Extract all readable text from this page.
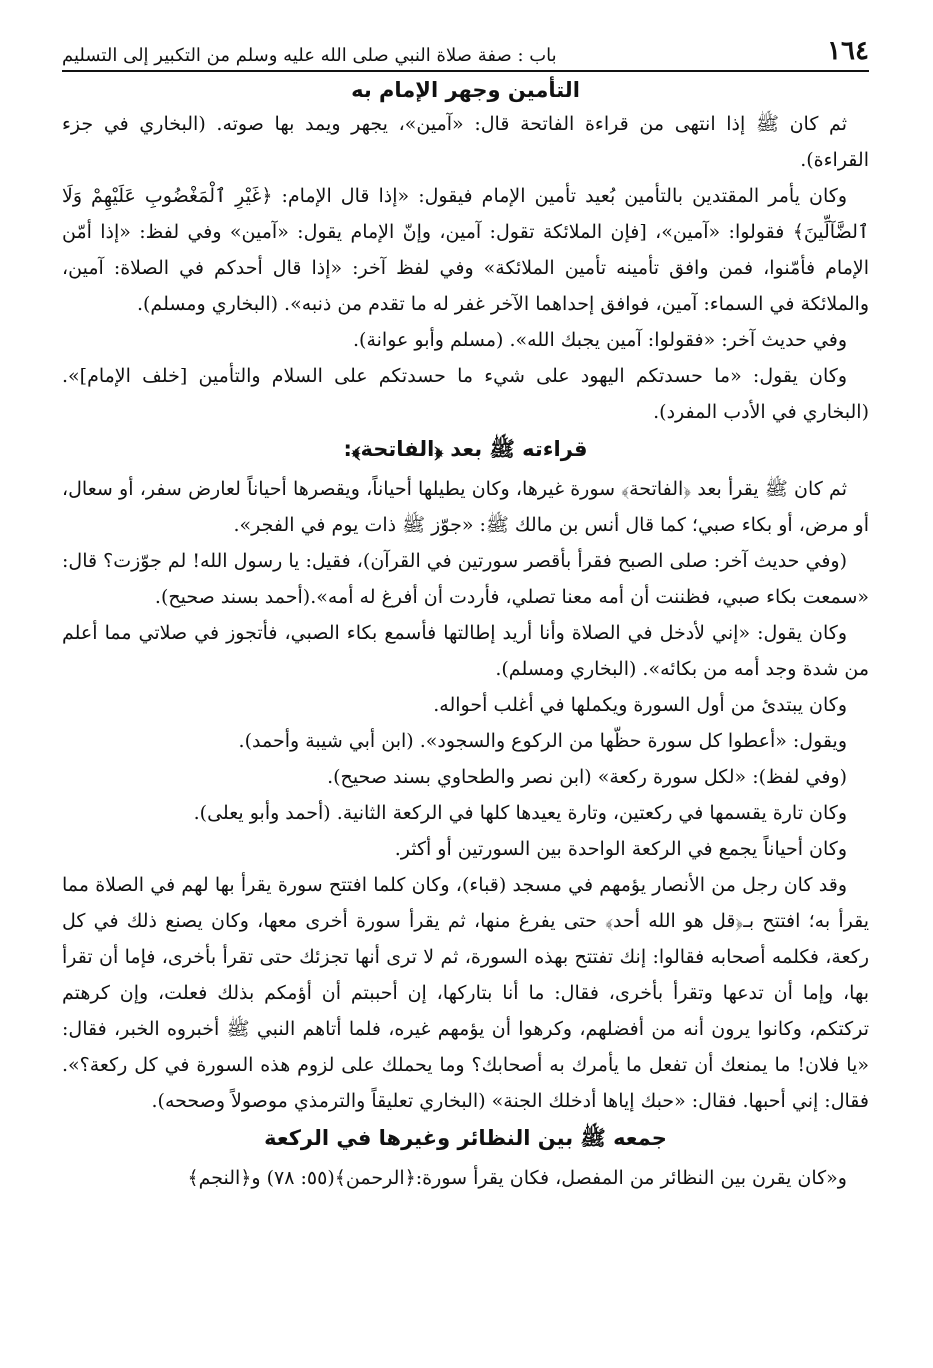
١٦٤
باب : صفة صلاة النبي صلى الله عليه وسلم من التكبير إلى التسليم
التأمين وجهر الإمام به

ثم كان ﷺ إذا انتهى من قراءة الفاتحة قال: «آمين»، يجهر ويمد بها صوته. (البخاري في جزء القراءة).

وكان يأمر المقتدين بالتأمين بُعيد تأمين الإمام فيقول: «إذا قال الإمام: ﴿غَيْرِ ٱلْمَغْضُوبِ عَلَيْهِمْ وَلَا ٱلضَّآلِّينَ﴾ فقولوا: «آمين»، [فإن الملائكة تقول: آمين، وإنّ الإمام يقول: «آمين» وفي لفظ: «إذا أمّن الإمام فأمّنوا، فمن وافق تأمينه تأمين الملائكة» وفي لفظ آخر: «إذا قال أحدكم في الصلاة: آمين، والملائكة في السماء: آمين، فوافق إحداهما الآخر غفر له ما تقدم من ذنبه». (البخاري ومسلم).

وفي حديث آخر: «فقولوا: آمين يجبك الله». (مسلم وأبو عوانة).

وكان يقول: «ما حسدتكم اليهود على شيء ما حسدتكم على السلام والتأمين [خلف الإمام]». (البخاري في الأدب المفرد).

قراءته ﷺ بعد ﴿الفاتحة﴾:

ثم كان ﷺ يقرأ بعد ﴿الفاتحة﴾ سورة غيرها، وكان يطيلها أحياناً، ويقصرها أحياناً لعارض سفر، أو سعال، أو مرض، أو بكاء صبي؛ كما قال أنس بن مالك ﷺ: «جوّز ﷺ ذات يوم في الفجر».

(وفي حديث آخر: صلى الصبح فقرأ بأقصر سورتين في القرآن)، فقيل: يا رسول الله! لم جوّزت؟ قال: «سمعت بكاء صبي، فظننت أن أمه معنا تصلي، فأردت أن أفرغ له أمه».(أحمد بسند صحيح).

وكان يقول: «إني لأدخل في الصلاة وأنا أريد إطالتها فأسمع بكاء الصبي، فأتجوز في صلاتي مما أعلم من شدة وجد أمه من بكائه». (البخاري ومسلم).

وكان يبتدئ من أول السورة ويكملها في أغلب أحواله.

ويقول: «أعطوا كل سورة حظّها من الركوع والسجود». (ابن أبي شيبة وأحمد).

(وفي لفظ): «لكل سورة ركعة» (ابن نصر والطحاوي بسند صحيح).

وكان تارة يقسمها في ركعتين، وتارة يعيدها كلها في الركعة الثانية. (أحمد وأبو يعلى).

وكان أحياناً يجمع في الركعة الواحدة بين السورتين أو أكثر.

وقد كان رجل من الأنصار يؤمهم في مسجد (قباء)، وكان كلما افتتح سورة يقرأ بها لهم في الصلاة مما يقرأ به؛ افتتح بـ﴿قل هو الله أحد﴾ حتى يفرغ منها، ثم يقرأ سورة أخرى معها، وكان يصنع ذلك في كل ركعة، فكلمه أصحابه فقالوا: إنك تفتتح بهذه السورة، ثم لا ترى أنها تجزئك حتى تقرأ بأخرى، فإما أن تقرأ بها، وإما أن تدعها وتقرأ بأخرى، فقال: ما أنا بتاركها، إن أحببتم أن أؤمكم بذلك فعلت، وإن كرهتم تركتكم، وكانوا يرون أنه من أفضلهم، وكرهوا أن يؤمهم غيره، فلما أتاهم النبي ﷺ أخبروه الخبر، فقال: «يا فلان! ما يمنعك أن تفعل ما يأمرك به أصحابك؟ وما يحملك على لزوم هذه السورة في كل ركعة؟». فقال: إني أحبها. فقال: «حبك إياها أدخلك الجنة» (البخاري تعليقاً والترمذي موصولاً وصححه).

جمعه ﷺ بين النظائر وغيرها في الركعة

و«كان يقرن بين النظائر من المفصل، فكان يقرأ سورة:﴿الرحمن﴾(٥٥: ٧٨) و﴿النجم﴾
